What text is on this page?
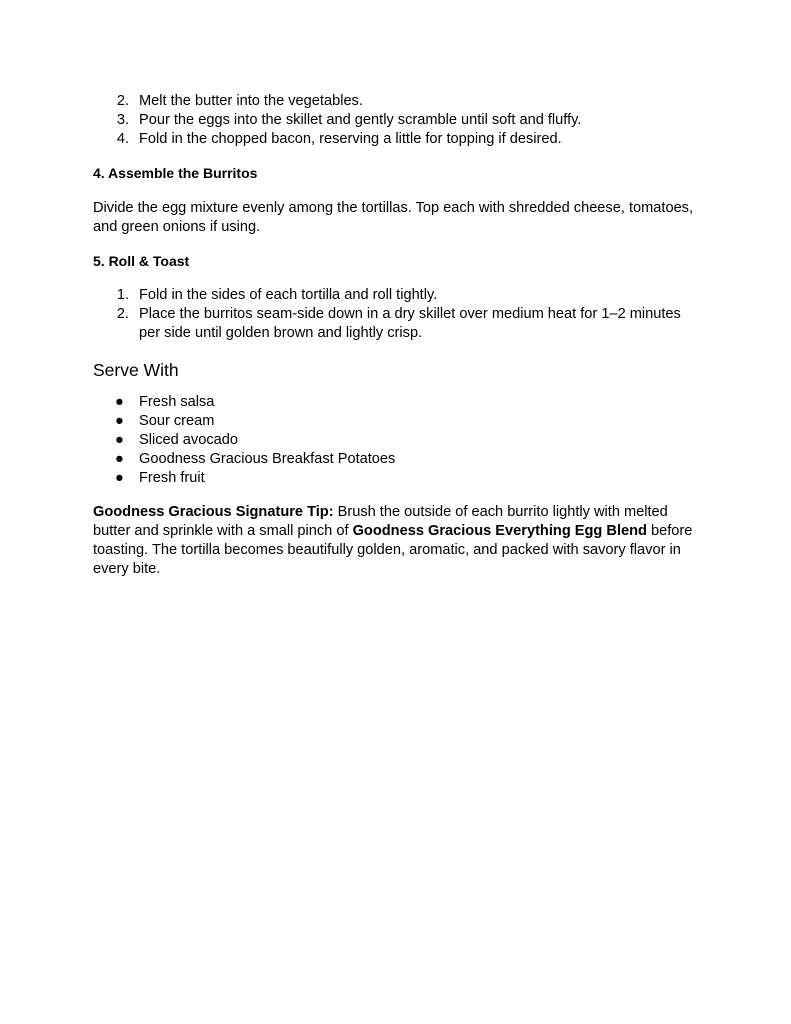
2. Melt the butter into the vegetables.
3. Pour the eggs into the skillet and gently scramble until soft and fluffy.
4. Fold in the chopped bacon, reserving a little for topping if desired.
4. Assemble the Burritos

Divide the egg mixture evenly among the tortillas. Top each with shredded cheese, tomatoes, and green onions if using.

5. Roll & Toast
1. Fold in the sides of each tortilla and roll tightly.
2. Place the burritos seam-side down in a dry skillet over medium heat for 1–2 minutes per side until golden brown and lightly crisp.
Serve With
● Fresh salsa
● Sour cream
● Sliced avocado
● Goodness Gracious Breakfast Potatoes
● Fresh fruit

Goodness Gracious Signature Tip: Brush the outside of each burrito lightly with melted butter and sprinkle with a small pinch of Goodness Gracious Everything Egg Blend before toasting. The tortilla becomes beautifully golden, aromatic, and packed with savory flavor in every bite.
